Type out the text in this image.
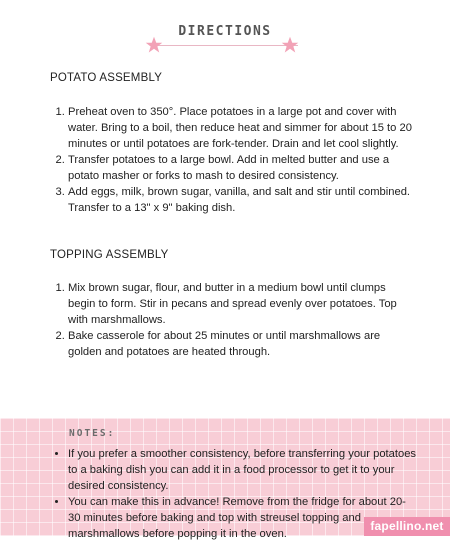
DIRECTIONS
POTATO ASSEMBLY
1. Preheat oven to 350°. Place potatoes in a large pot and cover with water. Bring to a boil, then reduce heat and simmer for about 15 to 20 minutes or until potatoes are fork-tender. Drain and let cool slightly.
2. Transfer potatoes to a large bowl. Add in melted butter and use a potato masher or forks to mash to desired consistency.
3. Add eggs, milk, brown sugar, vanilla, and salt and stir until combined. Transfer to a 13" x 9" baking dish.
TOPPING ASSEMBLY
1. Mix brown sugar, flour, and butter in a medium bowl until clumps begin to form. Stir in pecans and spread evenly over potatoes. Top with marshmallows.
2. Bake casserole for about 25 minutes or until marshmallows are golden and potatoes are heated through.
NOTES:
• If you prefer a smoother consistency, before transferring your potatoes to a baking dish you can add it in a food processor to get it to your desired consistency.
• You can make this in advance! Remove from the fridge for about 20-30 minutes before baking and top with streusel topping and marshmallows before popping it in the oven.
fapellino.net
